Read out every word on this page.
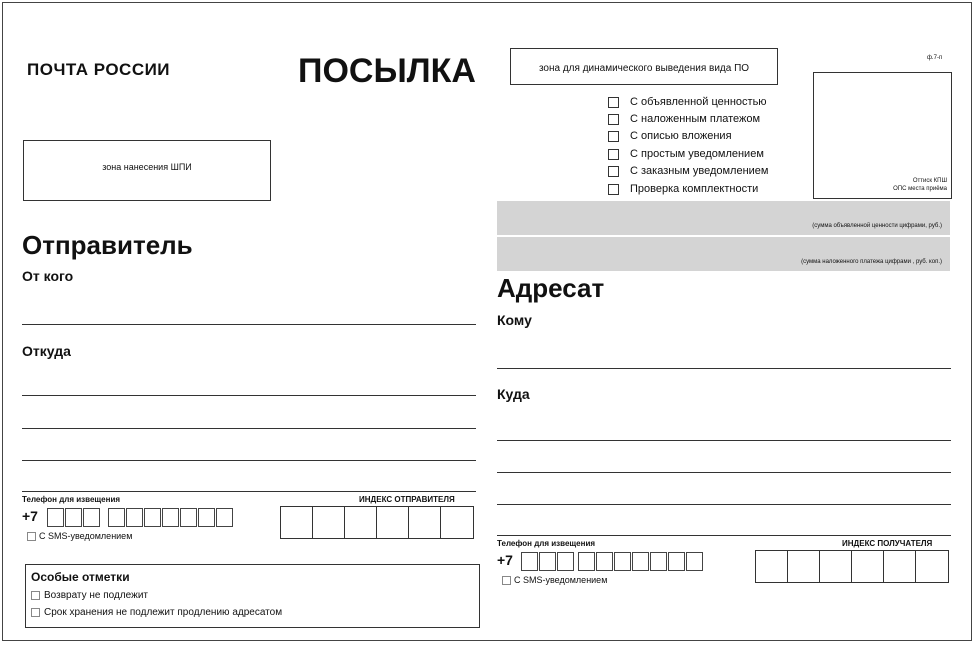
ПОЧТА РОССИИ	ПОСЫЛКА	зона для динамического выведения вида ПО
ф.7-п
Оттиск КПШ
ОПС места приёма
С объявленной ценностью
С наложенным платежом
С описью вложения
С простым уведомлением
С заказным уведомлением
Проверка комплектности
зона нанесения ШПИ
(сумма объявленной ценности цифрами, руб.)
(сумма наложенного платежа цифрами , руб. коп.)
Отправитель
От кого
Откуда
Телефон для извещения	ИНДЕКС ОТПРАВИТЕЛЯ
+7
С SMS-уведомлением
Особые отметки
Возврату не подлежит
Срок хранения не подлежит продлению адресатом
Адресат
Кому
Куда
Телефон для извещения	ИНДЕКС ПОЛУЧАТЕЛЯ
+7
С SMS-уведомлением
